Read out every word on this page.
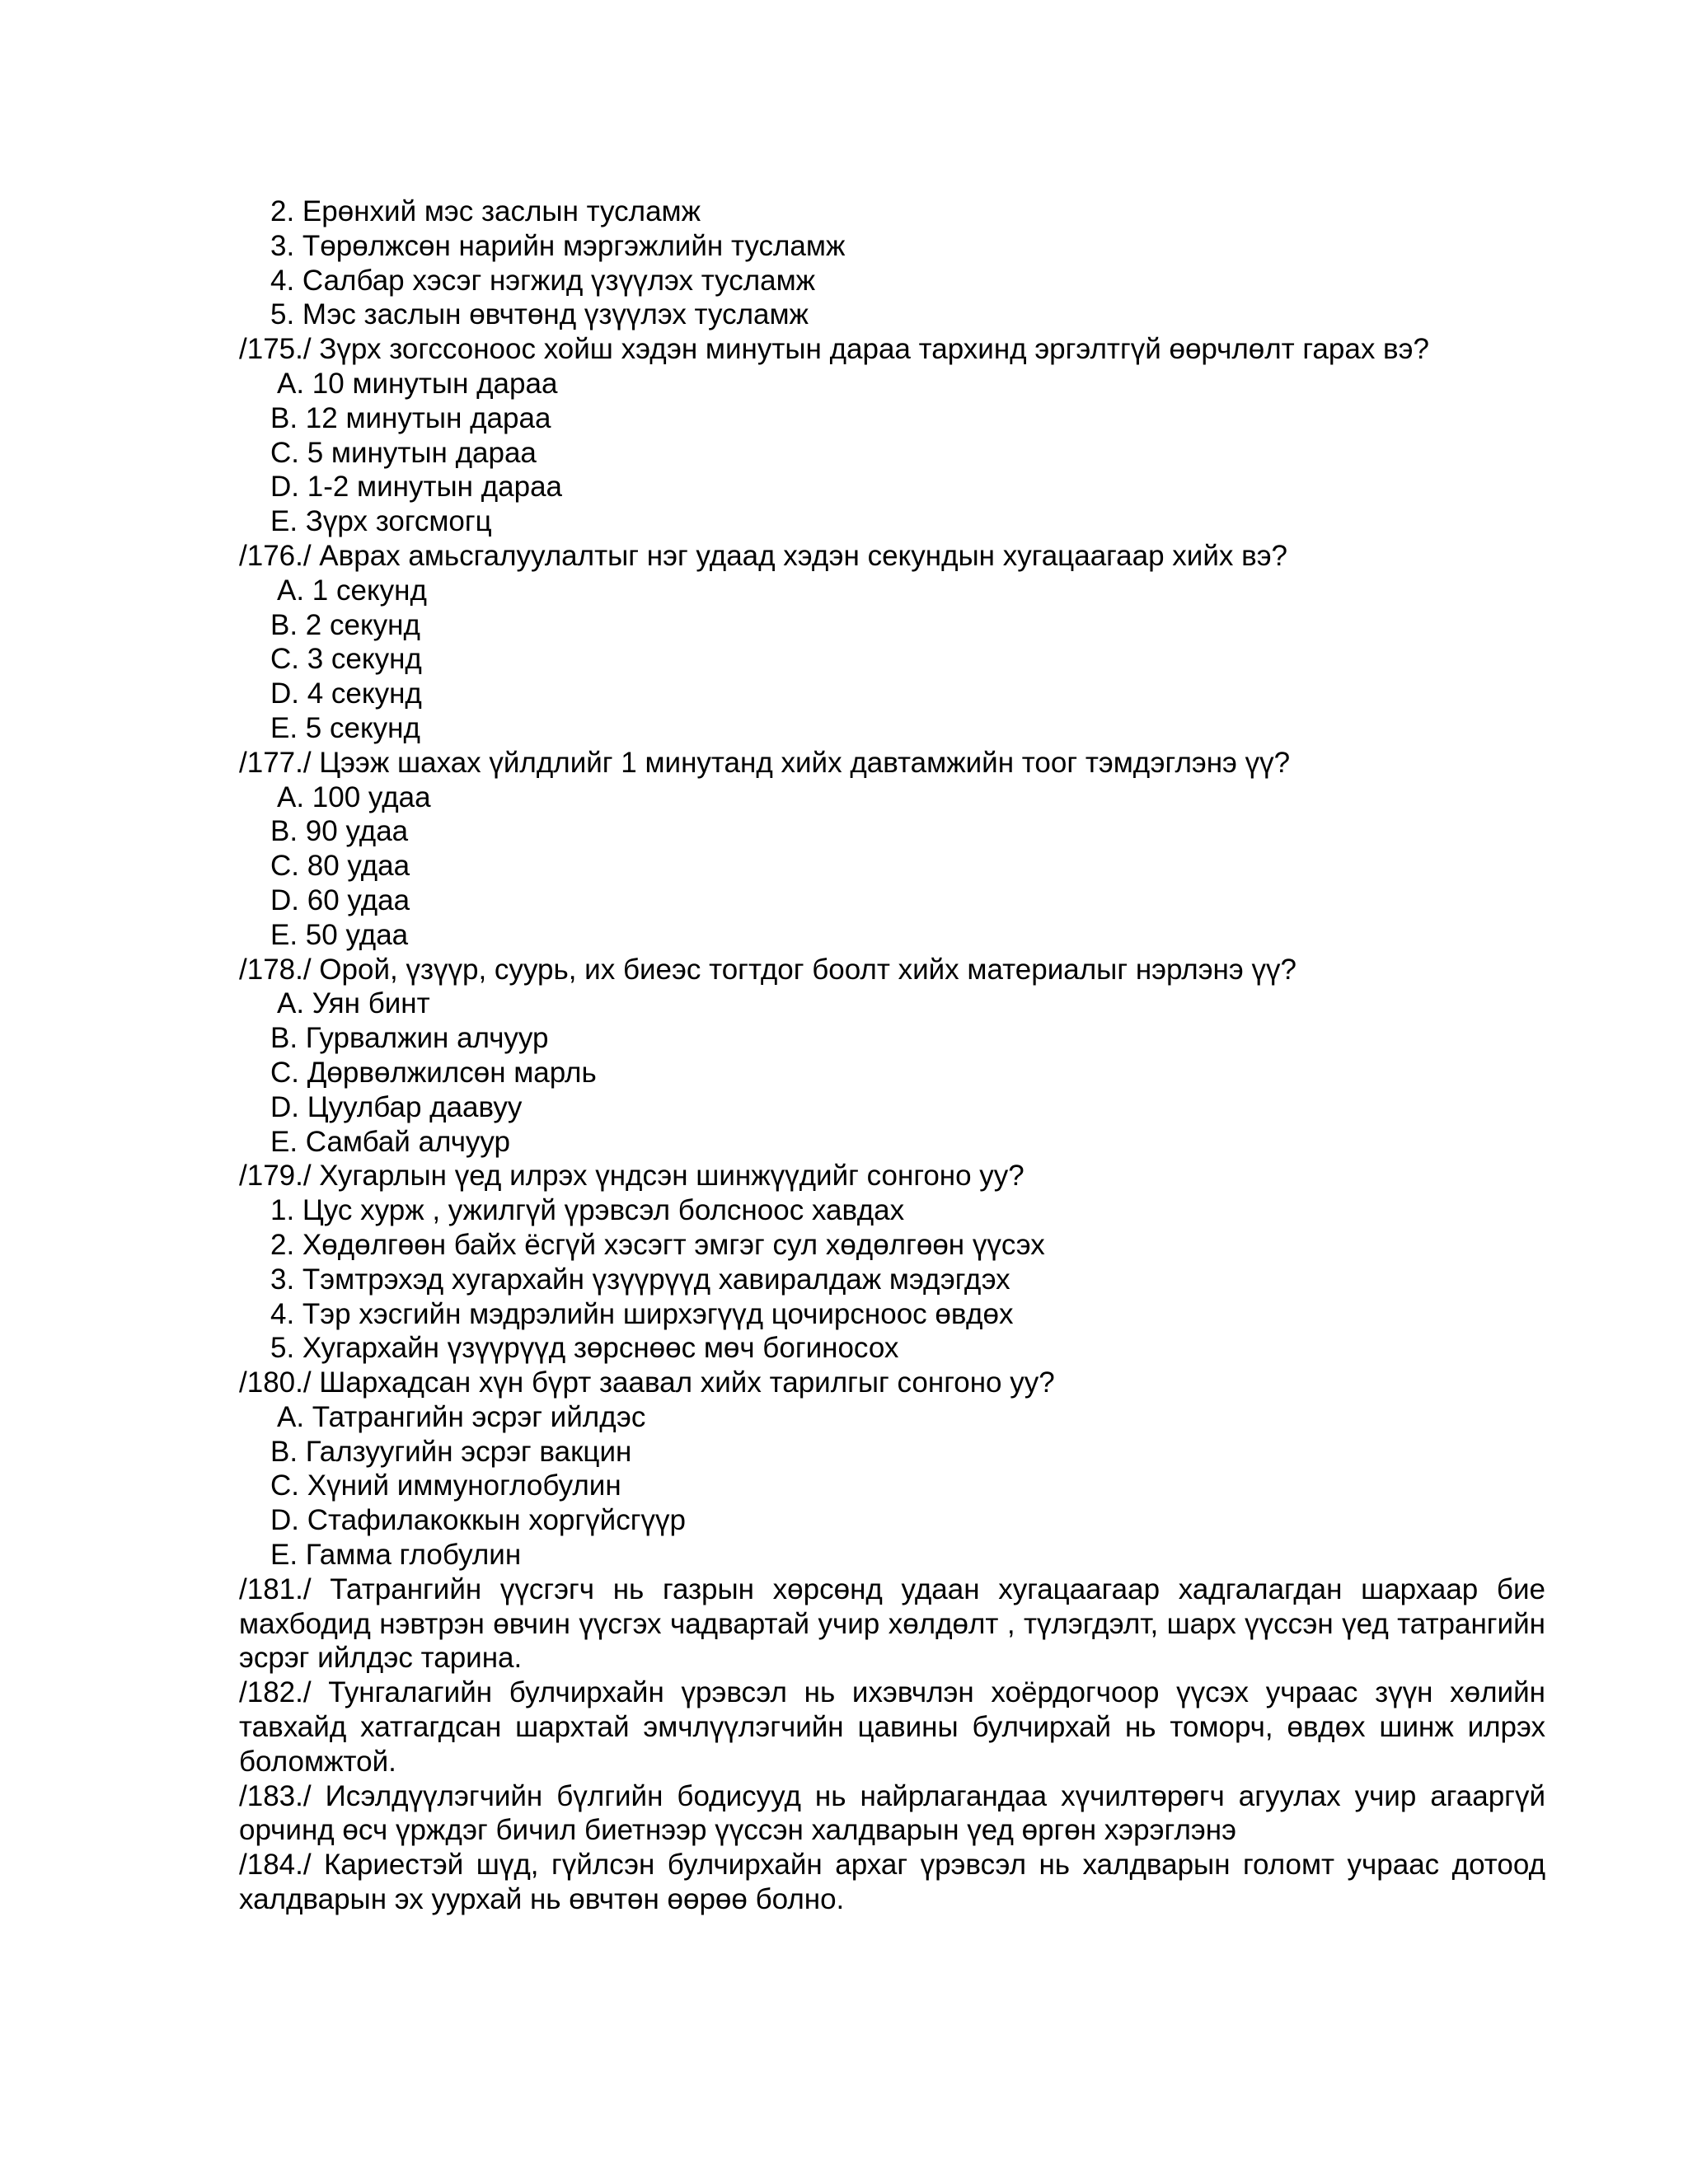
2. Ерөнхий мэс заслын тусламж
3. Төрөлжсөн нарийн мэргэжлийн тусламж
4. Салбар хэсэг нэгжид үзүүлэх тусламж
5. Мэс заслын өвчтөнд үзүүлэх тусламж
/175./ Зүрх зогссоноос хойш хэдэн минутын дараа тархинд эргэлтгүй өөрчлөлт гарах вэ?
A. 10 минутын дараа
B. 12 минутын дараа
C. 5 минутын дараа
D. 1-2 минутын дараа
E. Зүрх зогсмогц
/176./ Аврах амьсгалуулалтыг нэг удаад хэдэн секундын хугацаагаар хийх вэ?
A. 1 секунд
B. 2 секунд
C. 3 секунд
D. 4 секунд
E. 5 секунд
/177./ Цээж шахах үйлдлийг 1 минутанд хийх давтамжийн тоог тэмдэглэнэ үү?
A. 100 удаа
B. 90 удаа
C. 80 удаа
D. 60 удаа
E. 50 удаа
/178./ Орой, үзүүр, суурь, их биеэс тогтдог боолт хийх материалыг нэрлэнэ үү?
A. Уян бинт
B. Гурвалжин алчуур
C. Дөрвөлжилсөн марль
D. Цуулбар даавуу
E. Самбай алчуур
/179./ Хугарлын үед илрэх үндсэн шинжүүдийг сонгоно уу?
1. Цус хурж , ужилгүй үрэвсэл болсноос хавдах
2. Хөдөлгөөн байх ёсгүй хэсэгт эмгэг сул хөдөлгөөн үүсэх
3. Тэмтрэхэд хугархайн үзүүрүүд хавиралдаж мэдэгдэх
4. Тэр хэсгийн мэдрэлийн ширхэгүүд цочирсноос өвдөх
5. Хугархайн үзүүрүүд зөрснөөс мөч богиносох
/180./ Шархадсан хүн бүрт заавал хийх тарилгыг сонгоно уу?
A. Татрангийн эсрэг ийлдэс
B. Галзуугийн эсрэг вакцин
C. Хүний иммуноглобулин
D. Стафилакоккын хоргүйсгүүр
E. Гамма глобулин
/181./ Татрангийн үүсгэгч нь газрын хөрсөнд удаан хугацаагаар хадгалагдан шархаар бие махбодид нэвтрэн өвчин үүсгэх чадвартай учир хөлдөлт , түлэгдэлт, шарх үүссэн үед татрангийн эсрэг ийлдэс тарина.
/182./ Тунгалагийн булчирхайн үрэвсэл нь ихэвчлэн хоёрдогчоор үүсэх учраас зүүн хөлийн тавхайд хатгагдсан шархтай эмчлүүлэгчийн цавины булчирхай нь томорч, өвдөх шинж илрэх боломжтой.
/183./ Исэлдүүлэгчийн бүлгийн бодисууд нь найрлагандаа хүчилтөрөгч агуулах учир агааргүй орчинд өсч үрждэг бичил биетнээр үүссэн халдварын үед өргөн хэрэглэнэ
/184./ Кариестэй шүд, гүйлсэн булчирхайн архаг үрэвсэл нь халдварын голомт учраас дотоод халдварын эх уурхай нь өвчтөн өөрөө болно.
